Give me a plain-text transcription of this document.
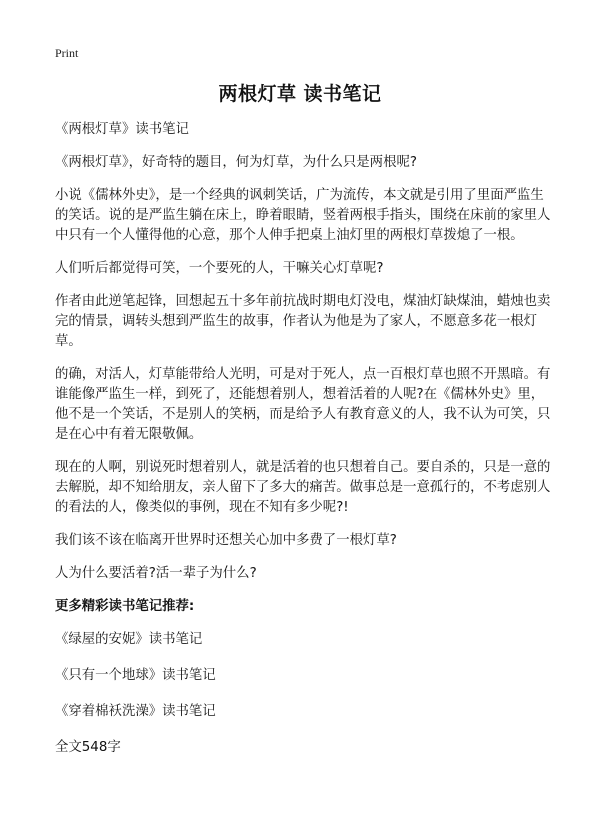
Print
两根灯草 读书笔记

《两根灯草》读书笔记

《两根灯草》，好奇特的题目，何为灯草，为什么只是两根呢?

小说《儒林外史》，是一个经典的讽刺笑话，广为流传，本文就是引用了里面严监生的笑话。说的是严监生躺在床上，睁着眼睛，竖着两根手指头，围绕在床前的家里人中只有一个人懂得他的心意，那个人伸手把桌上油灯里的两根灯草拨熄了一根。

人们听后都觉得可笑，一个要死的人，干嘛关心灯草呢?

作者由此逆笔起锋，回想起五十多年前抗战时期电灯没电，煤油灯缺煤油，蜡烛也卖完的情景，调转头想到严监生的故事，作者认为他是为了家人，不愿意多花一根灯草。

的确，对活人，灯草能带给人光明，可是对于死人，点一百根灯草也照不开黑暗。有谁能像严监生一样，到死了，还能想着别人，想着活着的人呢?在《儒林外史》里，他不是一个笑话，不是别人的笑柄，而是给予人有教育意义的人，我不认为可笑，只是在心中有着无限敬佩。

现在的人啊，别说死时想着别人，就是活着的也只想着自己。要自杀的，只是一意的去解脱，却不知给朋友，亲人留下了多大的痛苦。做事总是一意孤行的，不考虑别人的看法的人，像类似的事例，现在不知有多少呢?!

我们该不该在临离开世界时还想关心加中多费了一根灯草?

人为什么要活着?活一辈子为什么?

更多精彩读书笔记推荐:

《绿屋的安妮》读书笔记
《只有一个地球》读书笔记
《穿着棉袄洗澡》读书笔记

全文548字
